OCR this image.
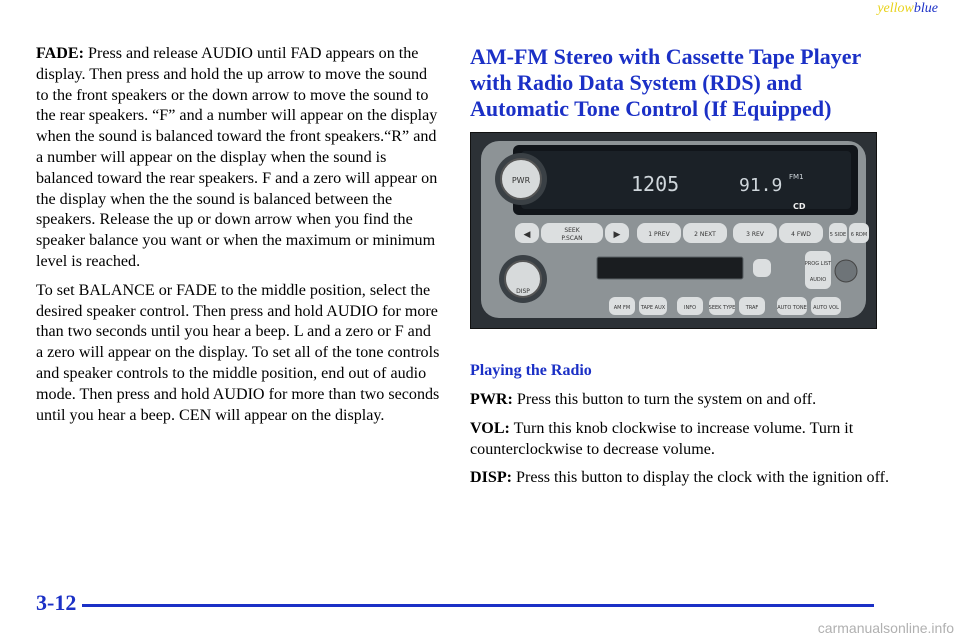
yellowblue

FADE: Press and release AUDIO until FAD appears on the display. Then press and hold the up arrow to move the sound to the front speakers or the down arrow to move the sound to the rear speakers. “F” and a number will appear on the display when the sound is balanced toward the front speakers.“R” and a number will appear on the display when the sound is balanced toward the rear speakers. F and a zero will appear on the display when the the sound is balanced between the speakers. Release the up or down arrow when you find the speaker balance you want or when the maximum or minimum level is reached.

To set BALANCE or FADE to the middle position, select the desired speaker control. Then press and hold AUDIO for more than two seconds until you hear a beep. L and a zero or F and a zero will appear on the display. To set all of the tone controls and speaker controls to the middle position, end out of audio mode. Then press and hold AUDIO for more than two seconds until you hear a beep. CEN will appear on the display.

AM-FM Stereo with Cassette Tape Player with Radio Data System (RDS) and Automatic Tone Control (If Equipped)
1205	91.9 FM1
CD
PWR
◀	SEEK
P.SCAN	▶	1 PREV	2 NEXT	3 REV	4 FWD	5 SIDE 6 RDM
DISP
PROG LIST
AUDIO
AM FM TAPE AUX	INFO	SEEK TYPE TRAF	AUTO TONE AUTO VOL
Playing the Radio

PWR: Press this button to turn the system on and off.

VOL: Turn this knob clockwise to increase volume. Turn it counterclockwise to decrease volume.

DISP: Press this button to display the clock with the ignition off.

3-12
carmanualsonline.info
